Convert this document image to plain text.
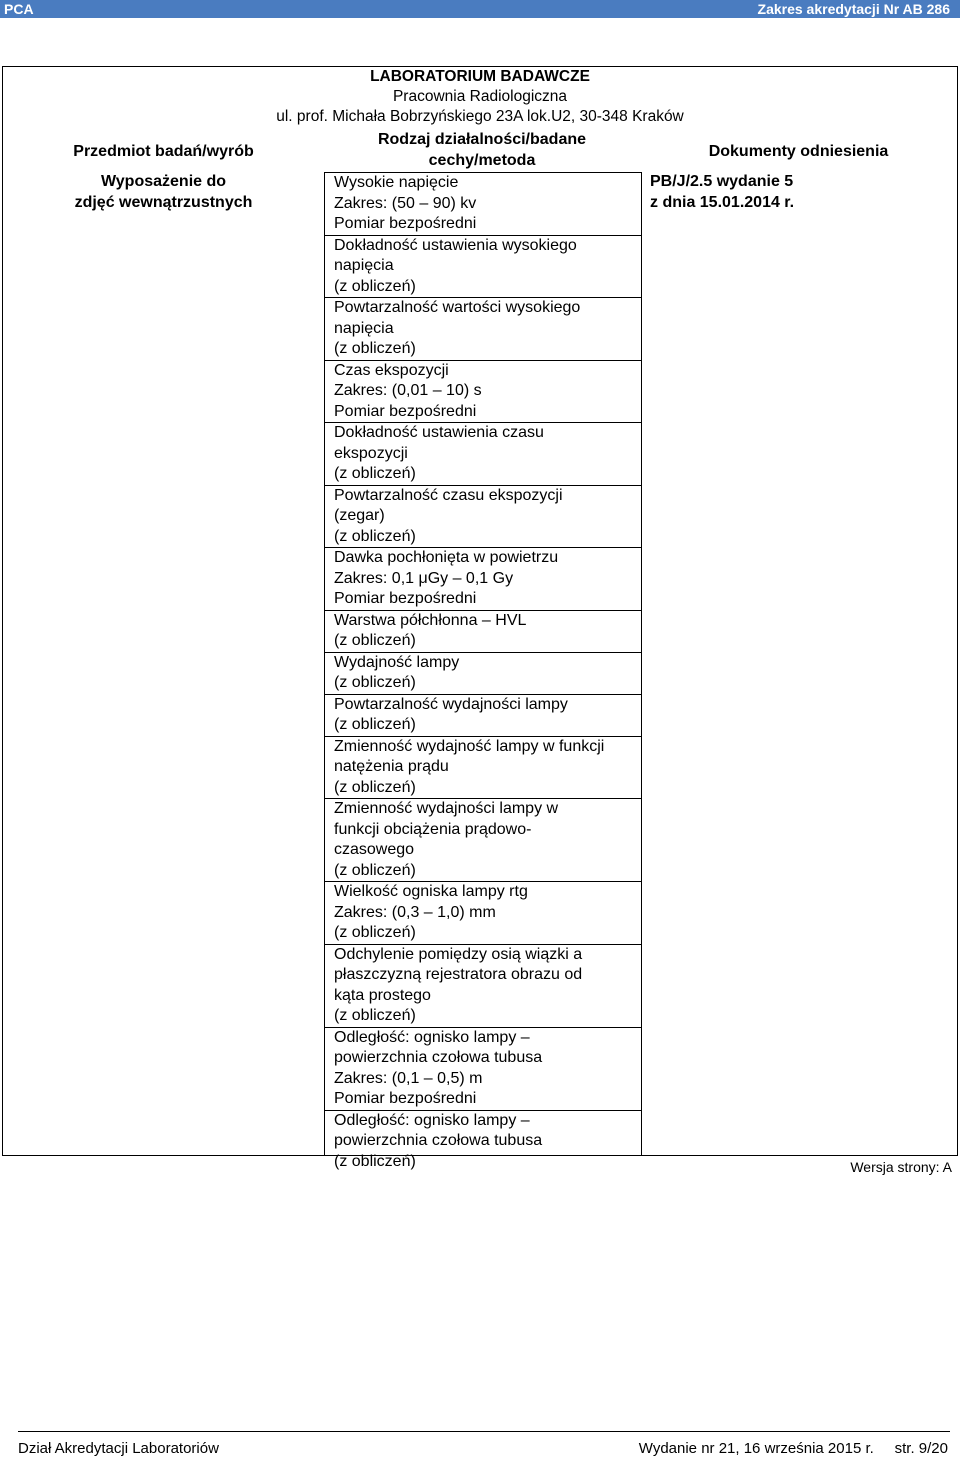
PCA	Zakres akredytacji Nr AB 286
LABORATORIUM BADAWCZE
Pracownia Radiologiczna
ul. prof. Michała Bobrzyńskiego 23A lok.U2, 30-348 Kraków
Przedmiot badań/wyrób
Rodzaj działalności/badane
cechy/metoda
Dokumenty odniesienia
Wyposażenie do
zdjęć wewnątrzustnych
Wysokie napięcie
Zakres: (50 – 90) kv
Pomiar bezpośredni
Dokładność ustawienia wysokiego
napięcia
(z obliczeń)
Powtarzalność wartości wysokiego
napięcia
(z obliczeń)
Czas ekspozycji
Zakres: (0,01 – 10) s
Pomiar bezpośredni
Dokładność ustawienia czasu
ekspozycji
(z obliczeń)
Powtarzalność czasu ekspozycji
(zegar)
(z obliczeń)
Dawka pochłonięta w powietrzu
Zakres: 0,1 μGy – 0,1 Gy
Pomiar bezpośredni
Warstwa półchłonna – HVL
(z obliczeń)
Wydajność lampy
(z obliczeń)
Powtarzalność wydajności lampy
(z obliczeń)
Zmienność wydajność lampy w funkcji
natężenia prądu
(z obliczeń)
Zmienność wydajności lampy w
funkcji obciążenia prądowo-
czasowego
(z obliczeń)
Wielkość ogniska lampy rtg
Zakres: (0,3 – 1,0) mm
(z obliczeń)
Odchylenie pomiędzy osią wiązki a
płaszczyzną rejestratora obrazu od
kąta prostego
(z obliczeń)
Odległość: ognisko lampy –
powierzchnia czołowa tubusa
Zakres: (0,1 – 0,5) m
Pomiar bezpośredni
Odległość: ognisko lampy –
powierzchnia czołowa tubusa
(z obliczeń)
PB/J/2.5 wydanie 5
z dnia 15.01.2014 r.
Wersja strony: A
Dział Akredytacji Laboratoriów	Wydanie nr 21, 16 września 2015 r.     str. 9/20
